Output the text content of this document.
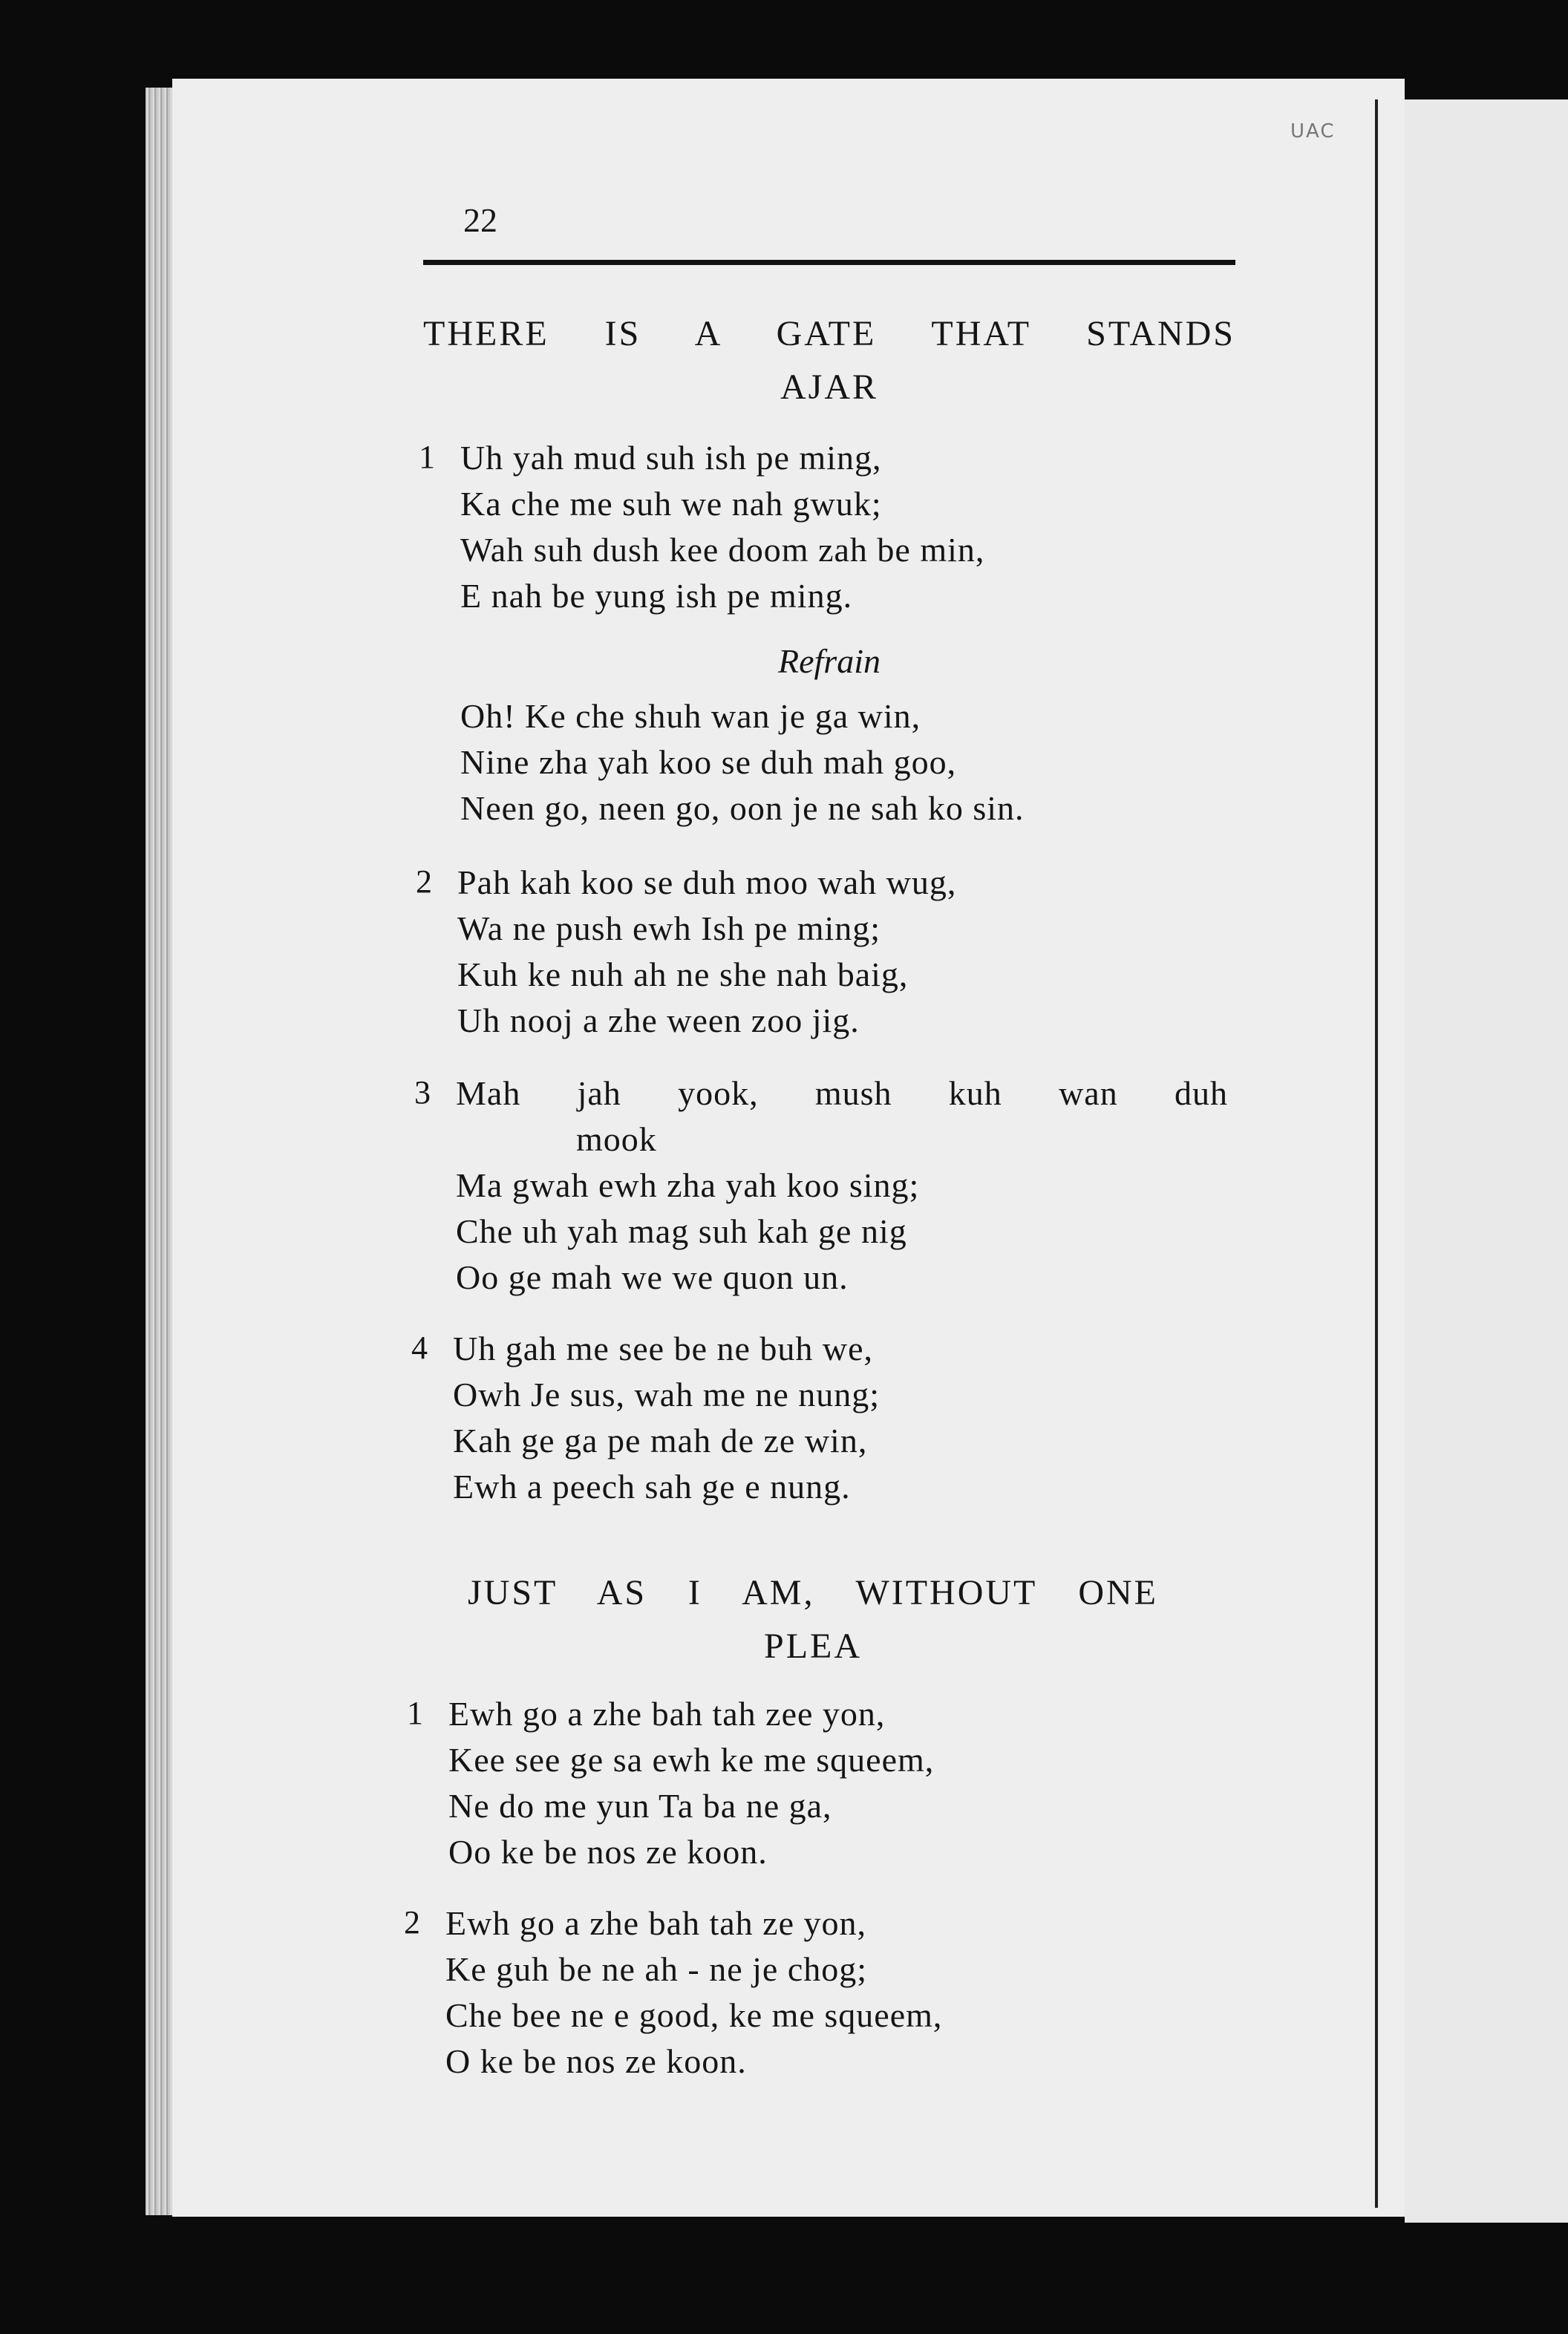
UAC
22
THERE IS A GATE THAT STANDS
AJAR
1 Uh yah mud suh ish pe ming,
Ka che me suh we nah gwuk;
Wah suh dush kee doom zah be min,
E nah be yung ish pe ming.
Refrain
Oh! Ke che shuh wan je ga win,
Nine zha yah koo se duh mah goo,
Neen go, neen go, oon je ne sah ko sin.
2 Pah kah koo se duh moo wah wug,
Wa ne push ewh Ish pe ming;
Kuh ke nuh ah ne she nah baig,
Uh nooj a zhe ween zoo jig.
3 Mah jah yook, mush kuh wan duh
mook
Ma gwah ewh zha yah koo sing;
Che uh yah mag suh kah ge nig
Oo ge mah we we quon un.
4 Uh gah me see be ne buh we,
Owh Je sus, wah me ne nung;
Kah ge ga pe mah de ze win,
Ewh a peech sah ge e nung.
JUST AS I AM, WITHOUT ONE
PLEA
1 Ewh go a zhe bah tah zee yon,
Kee see ge sa ewh ke me squeem,
Ne do me yun Ta ba ne ga,
Oo ke be nos ze koon.
2 Ewh go a zhe bah tah ze yon,
Ke guh be ne ah - ne je chog;
Che bee ne e good, ke me squeem,
O ke be nos ze koon.
